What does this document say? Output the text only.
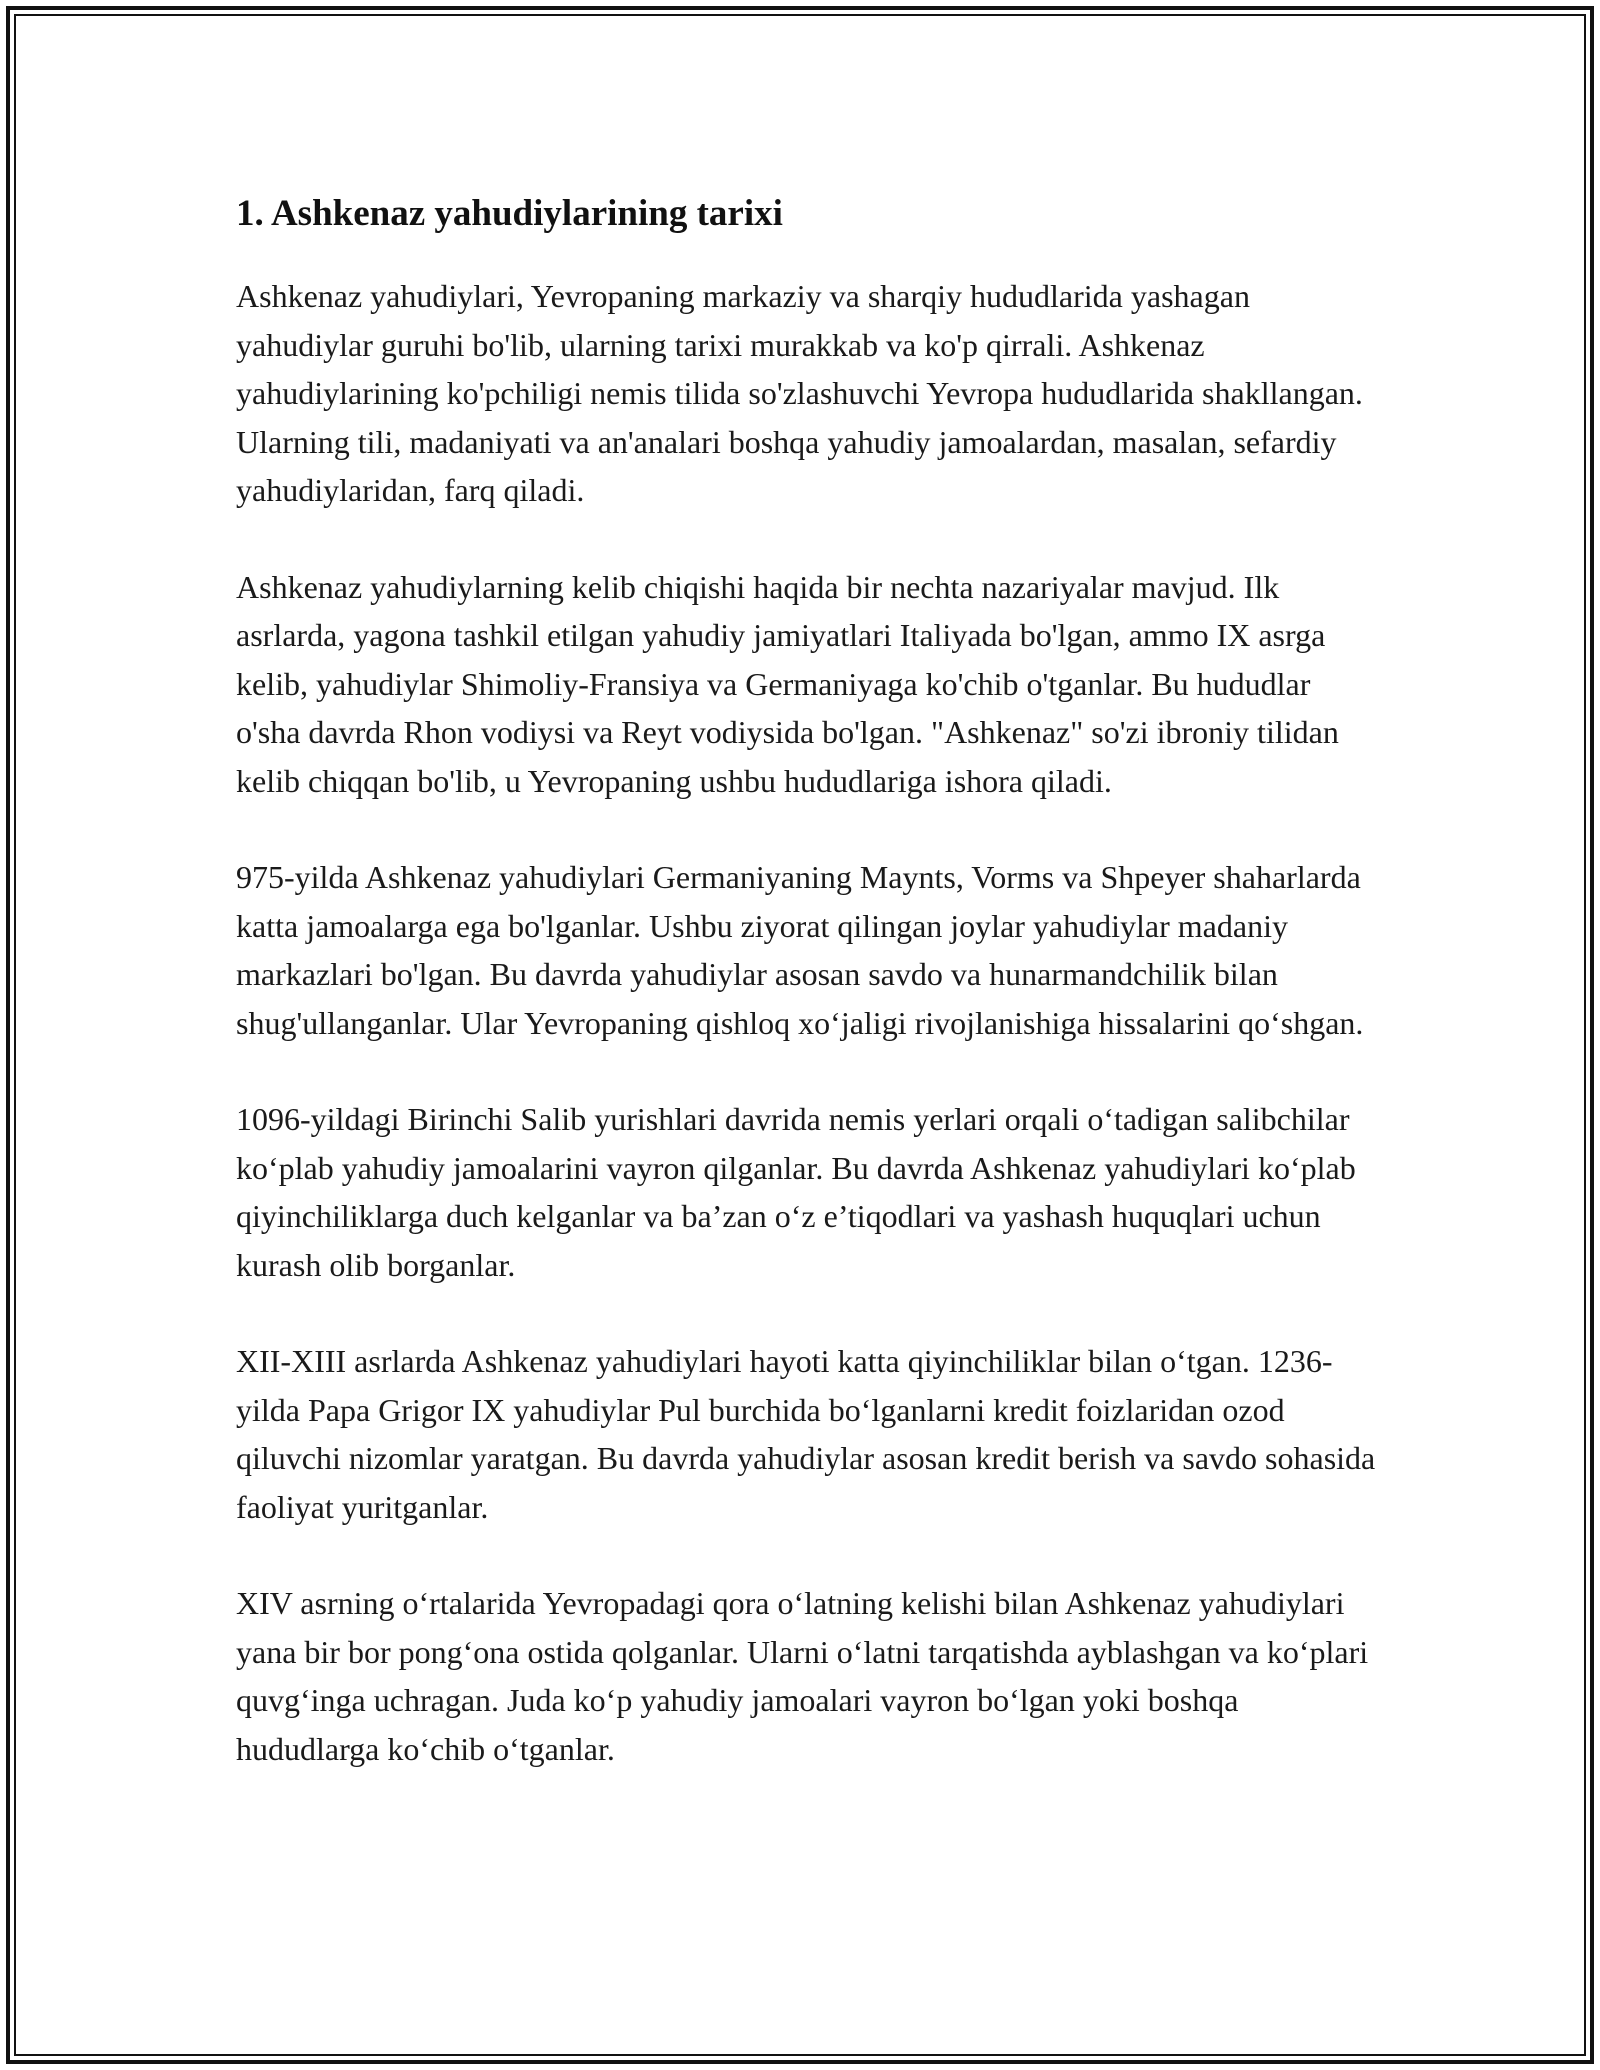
1. Ashkenaz yahudiylarining tarixi

Ashkenaz yahudiylari, Yevropaning markaziy va sharqiy hududlarida yashagan yahudiylar guruhi bo'lib, ularning tarixi murakkab va ko'p qirrali. Ashkenaz yahudiylarining ko'pchiligi nemis tilida so'zlashuvchi Yevropa hududlarida shakllangan. Ularning tili, madaniyati va an'analari boshqa yahudiy jamoalardan, masalan, sefardiy yahudiylaridan, farq qiladi.

Ashkenaz yahudiylarning kelib chiqishi haqida bir nechta nazariyalar mavjud. Ilk asrlarda, yagona tashkil etilgan yahudiy jamiyatlari Italiyada bo'lgan, ammo IX asrga kelib, yahudiylar Shimoliy-Fransiya va Germaniyaga ko'chib o'tganlar. Bu hududlar o'sha davrda Rhon vodiysi va Reyt vodiysida bo'lgan. "Ashkenaz" so'zi ibroniy tilidan kelib chiqqan bo'lib, u Yevropaning ushbu hududlariga ishora qiladi.

975-yilda Ashkenaz yahudiylari Germaniyaning Maynts, Vorms va Shpeyer shaharlarda katta jamoalarga ega bo'lganlar. Ushbu ziyorat qilingan joylar yahudiylar madaniy markazlari bo'lgan. Bu davrda yahudiylar asosan savdo va hunarmandchilik bilan shug'ullanganlar. Ular Yevropaning qishloq xo‘jaligi rivojlanishiga hissalarini qo‘shgan.

1096-yildagi Birinchi Salib yurishlari davrida nemis yerlari orqali o‘tadigan salibchilar ko‘plab yahudiy jamoalarini vayron qilganlar. Bu davrda Ashkenaz yahudiylari ko‘plab qiyinchiliklarga duch kelganlar va ba’zan o‘z e’tiqodlari va yashash huquqlari uchun kurash olib borganlar.

XII-XIII asrlarda Ashkenaz yahudiylari hayoti katta qiyinchiliklar bilan o‘tgan. 1236-yilda Papa Grigor IX yahudiylar Pul burchida bo‘lganlarni kredit foizlaridan ozod qiluvchi nizomlar yaratgan. Bu davrda yahudiylar asosan kredit berish va savdo sohasida faoliyat yuritganlar.

XIV asrning o‘rtalarida Yevropadagi qora o‘latning kelishi bilan Ashkenaz yahudiylari yana bir bor pong‘ona ostida qolganlar. Ularni o‘latni tarqatishda ayblashgan va ko‘plari quvg‘inga uchragan. Juda ko‘p yahudiy jamoalari vayron bo‘lgan yoki boshqa hududlarga ko‘chib o‘tganlar.
